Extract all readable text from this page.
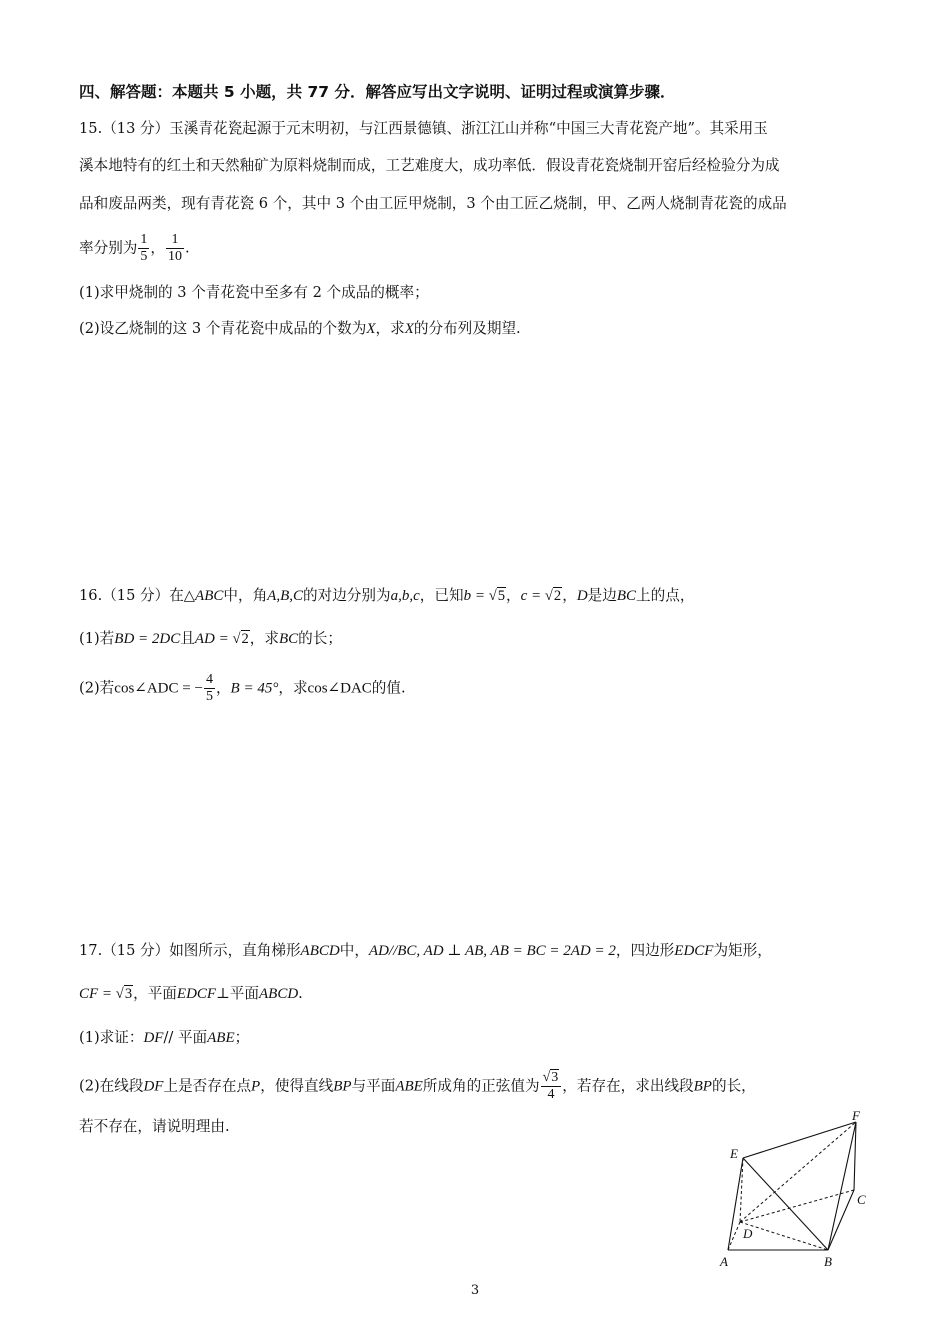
四、解答题：本题共 5 小题，共 77 分．解答应写出文字说明、证明过程或演算步骤．
15.（13 分）玉溪青花瓷起源于元末明初，与江西景德镇、浙江江山并称“中国三大青花瓷产地”。其采用玉
溪本地特有的红土和天然釉矿为原料烧制而成，工艺难度大，成功率低．假设青花瓷烧制开窑后经检验分为成
品和废品两类，现有青花瓷 6 个，其中 3 个由工匠甲烧制，3 个由工匠乙烧制，甲、乙两人烧制青花瓷的成品
率分别为 $\frac{1}{5}$ ， $\frac{1}{10}$ .
(1)求甲烧制的 3 个青花瓷中至多有 2 个成品的概率；
(2)设乙烧制的这 3 个青花瓷中成品的个数为X，求X的分布列及期望.
16.（15 分）在△ABC中，角A,B,C的对边分别为a,b,c，已知b = √5，c = √2，D是边BC上的点，
(1)若BD = 2DC且AD = √2，求BC的长；
(2)若cos∠ADC = − $\frac{4}{5}$ ，B = 45°，求cos∠DAC的值.
17.（15 分）如图所示，直角梯形ABCD中，AD//BC, AD ⊥ AB, AB = BC = 2AD = 2，四边形EDCF为矩形，
CF = √3，平面EDCF⊥平面ABCD.
(1)求证：DF// 平面ABE；
(2)在线段DF上是否存在点P，使得直线BP与平面ABE所成角的正弦值为 $\frac{√3}{4}$ ，若存在，求出线段BP的长，
若不存在，请说明理由.
E
F
C
D
A	B
3
